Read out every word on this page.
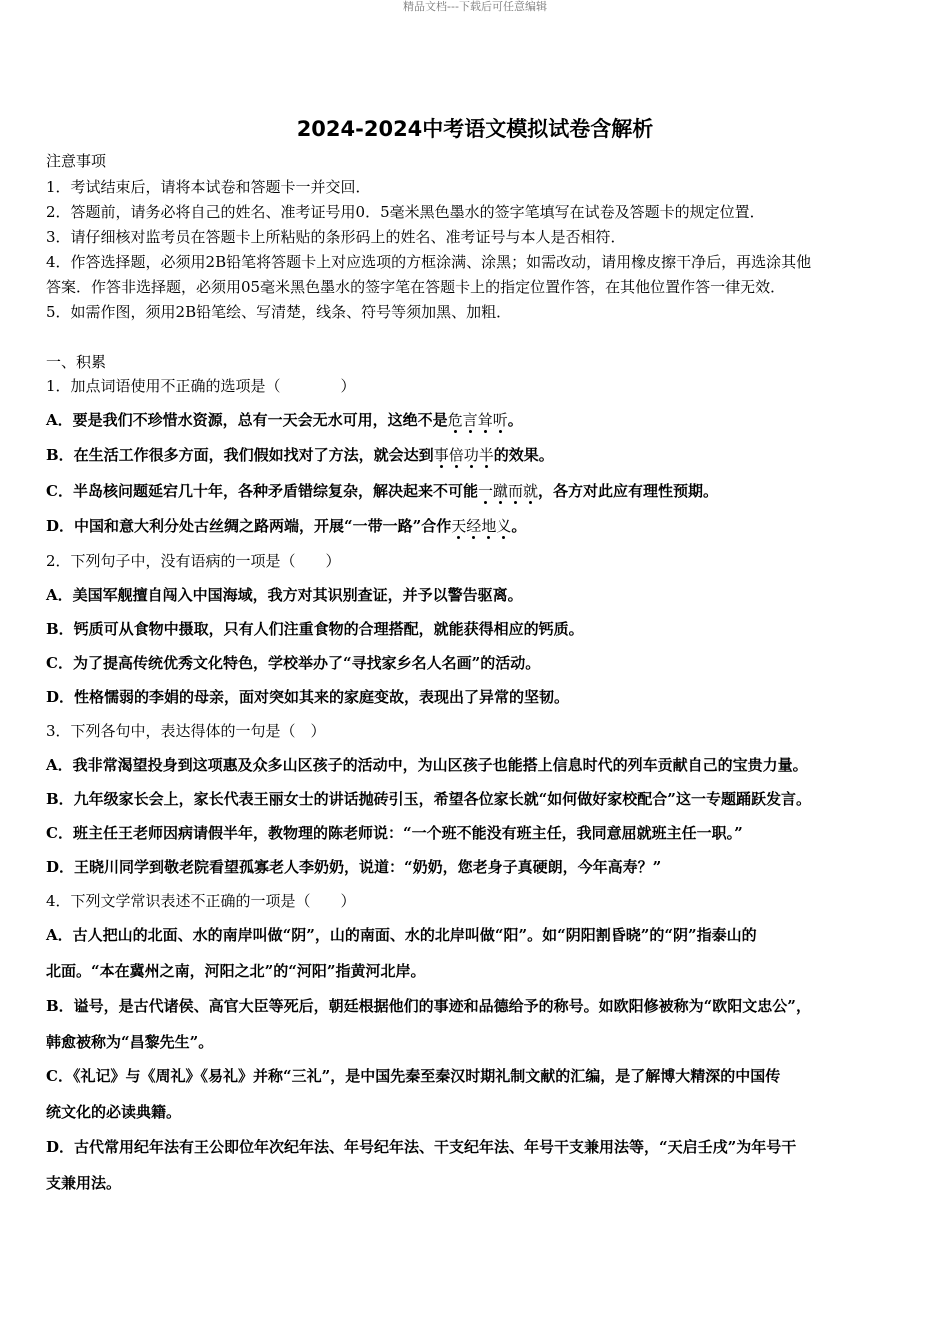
精品文档---下载后可任意编辑
2024-2024中考语文模拟试卷含解析
注意事项
1．考试结束后，请将本试卷和答题卡一并交回．
2．答题前，请务必将自己的姓名、准考证号用0．5毫米黑色墨水的签字笔填写在试卷及答题卡的规定位置．
3．请仔细核对监考员在答题卡上所粘贴的条形码上的姓名、准考证号与本人是否相符．
4．作答选择题，必须用2B铅笔将答题卡上对应选项的方框涂满、涂黑；如需改动，请用橡皮擦干净后，再选涂其他
答案．作答非选择题，必须用05毫米黑色墨水的签字笔在答题卡上的指定位置作答，在其他位置作答一律无效．
5．如需作图，须用2B铅笔绘、写清楚，线条、符号等须加黑、加粗．
一、积累
1．加点词语使用不正确的选项是（　　　　）
A．要是我们不珍惜水资源，总有一天会无水可用，这绝不是危言耸听。
B．在生活工作很多方面，我们假如找对了方法，就会达到事倍功半的效果。
C．半岛核问题延宕几十年，各种矛盾错综复杂，解决起来不可能一蹴而就，各方对此应有理性预期。
D．中国和意大利分处古丝绸之路两端，开展“一带一路”合作天经地义。
2．下列句子中，没有语病的一项是（　　）
A．美国军舰擅自闯入中国海域，我方对其识别查证，并予以警告驱离。
B．钙质可从食物中摄取，只有人们注重食物的合理搭配，就能获得相应的钙质。
C．为了提高传统优秀文化特色，学校举办了“寻找家乡名人名画”的活动。
D．性格懦弱的李娟的母亲，面对突如其来的家庭变故，表现出了异常的坚韧。
3．下列各句中，表达得体的一句是（　）
A．我非常渴望投身到这项惠及众多山区孩子的活动中，为山区孩子也能搭上信息时代的列车贡献自己的宝贵力量。
B．九年级家长会上，家长代表王丽女士的讲话抛砖引玉，希望各位家长就“如何做好家校配合”这一专题踊跃发言。
C．班主任王老师因病请假半年，教物理的陈老师说：“一个班不能没有班主任，我同意屈就班主任一职。”
D．王晓川同学到敬老院看望孤寡老人李奶奶，说道：“奶奶，您老身子真硬朗，今年高寿？”
4．下列文学常识表述不正确的一项是（　　）
A．古人把山的北面、水的南岸叫做“阴”，山的南面、水的北岸叫做“阳”。如“阴阳割昏晓”的“阴”指泰山的
北面。“本在冀州之南，河阳之北”的“河阳”指黄河北岸。
B．谥号，是古代诸侯、高官大臣等死后，朝廷根据他们的事迹和品德给予的称号。如欧阳修被称为“欧阳文忠公”，
韩愈被称为“昌黎先生”。
C．《礼记》与《周礼》《易礼》并称“三礼”，是中国先秦至秦汉时期礼制文献的汇编，是了解博大精深的中国传
统文化的必读典籍。
D．古代常用纪年法有王公即位年次纪年法、年号纪年法、干支纪年法、年号干支兼用法等，“天启壬戌”为年号干
支兼用法。
